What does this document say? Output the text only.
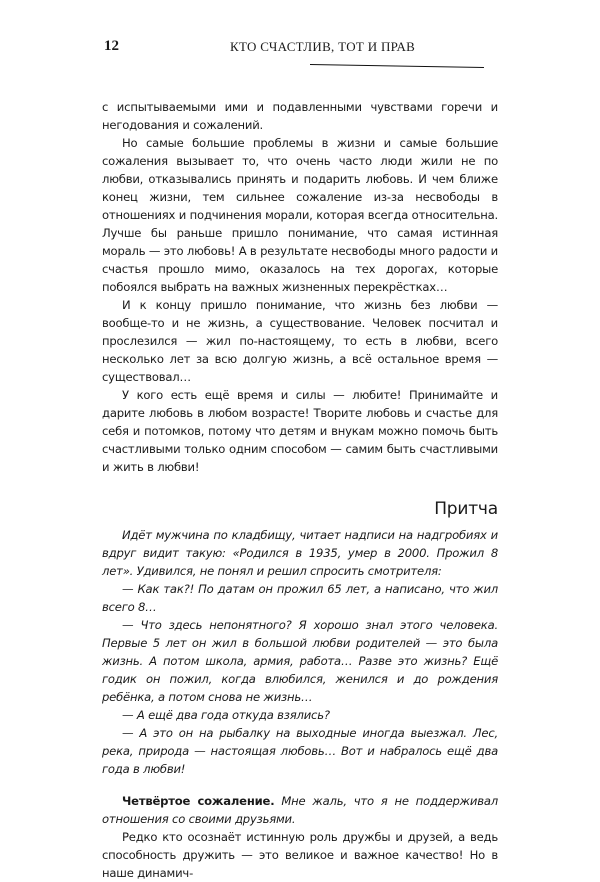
12	КТО СЧАСТЛИВ, ТОТ И ПРАВ

с испытываемыми ими и подавленными чувствами горечи и негодования и сожалений.

Но самые большие проблемы в жизни и самые большие сожаления вызывает то, что очень часто люди жили не по любви, отказывались принять и подарить любовь. И чем ближе конец жизни, тем сильнее сожаление из-за несвободы в отношениях и подчинения морали, которая всегда относительна. Лучше бы раньше пришло понимание, что самая истинная мораль — это любовь! А в результате несвободы много радости и счастья прошло мимо, оказалось на тех дорогах, которые побоялся выбрать на важных жизненных перекрёстках…

И к концу пришло понимание, что жизнь без любви — вообще-то и не жизнь, а существование. Человек посчитал и прослезился — жил по-настоящему, то есть в любви, всего несколько лет за всю долгую жизнь, а всё остальное время — существовал…

У кого есть ещё время и силы — любите! Принимайте и дарите любовь в любом возрасте! Творите любовь и счастье для себя и потомков, потому что детям и внукам можно помочь быть счастливыми только одним способом — самим быть счастливыми и жить в любви!

Притча

Идёт мужчина по кладбищу, читает надписи на надгробиях и вдруг видит такую: «Родился в 1935, умер в 2000. Прожил 8 лет». Удивился, не понял и решил спросить смотрителя:

— Как так?! По датам он прожил 65 лет, а написано, что жил всего 8…

— Что здесь непонятного? Я хорошо знал этого человека. Первые 5 лет он жил в большой любви родителей — это была жизнь. А потом школа, армия, работа… Разве это жизнь? Ещё годик он пожил, когда влюбился, женился и до рождения ребёнка, а потом снова не жизнь…

— А ещё два года откуда взялись?

— А это он на рыбалку на выходные иногда выезжал. Лес, река, природа — настоящая любовь… Вот и набралось ещё два года в любви!

Четвёртое сожаление. Мне жаль, что я не поддерживал отношения со своими друзьями.

Редко кто осознаёт истинную роль дружбы и друзей, а ведь способность дружить — это великое и важное качество! Но в наше динамич-
